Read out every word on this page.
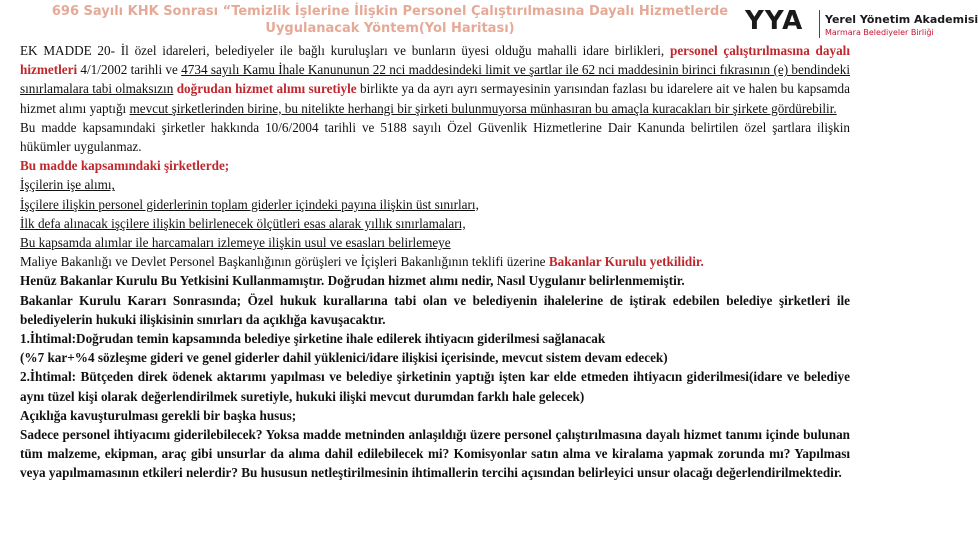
696 Sayılı KHK Sonrası “Temizlik İşlerine İlişkin Personel Çalıştırılmasına Dayalı Hizmetlerde Uygulanacak Yöntem(Yol Haritası)	YYA Yerel Yönetim Akademisi
Marmara Belediyeler Birliği

EK MADDE 20- İl özel idareleri, belediyeler ile bağlı kuruluşları ve bunların üyesi olduğu mahalli idare birlikleri, personel çalıştırılmasına dayalı hizmetleri 4/1/2002 tarihli ve 4734 sayılı Kamu İhale Kanununun 22 nci maddesindeki limit ve şartlar ile 62 nci maddesinin birinci fıkrasının (e) bendindeki sınırlamalara tabi olmaksızın doğrudan hizmet alımı suretiyle birlikte ya da ayrı ayrı sermayesinin yarısından fazlası bu idarelere ait ve halen bu kapsamda hizmet alımı yaptığı mevcut şirketlerinden birine, bu nitelikte herhangi bir şirketi bulunmuyorsa münhasıran bu amaçla kuracakları bir şirkete gördürebilir.

Bu madde kapsamındaki şirketler hakkında 10/6/2004 tarihli ve 5188 sayılı Özel Güvenlik Hizmetlerine Dair Kanunda belirtilen özel şartlara ilişkin hükümler uygulanmaz.

Bu madde kapsamındaki şirketlerde;

İşçilerin işe alımı,

İşçilere ilişkin personel giderlerinin toplam giderler içindeki payına ilişkin üst sınırları,

İlk defa alınacak işçilere ilişkin belirlenecek ölçütleri esas alarak yıllık sınırlamaları,

Bu kapsamda alımlar ile harcamaları izlemeye ilişkin usul ve esasları belirlemeye

Maliye Bakanlığı ve Devlet Personel Başkanlığının görüşleri ve İçişleri Bakanlığının teklifi üzerine Bakanlar Kurulu yetkilidir.

Henüz Bakanlar Kurulu Bu Yetkisini Kullanmamıştır. Doğrudan hizmet alımı nedir, Nasıl Uygulanır belirlenmemiştir.

Bakanlar Kurulu Kararı Sonrasında; Özel hukuk kurallarına tabi olan ve belediyenin ihalelerine de iştirak edebilen belediye şirketleri ile belediyelerin hukuki ilişkisinin sınırları da açıklığa kavuşacaktır.

1.İhtimal:Doğrudan temin kapsamında belediye şirketine ihale edilerek ihtiyacın giderilmesi sağlanacak

(%7 kar+%4 sözleşme gideri ve genel giderler dahil yüklenici/idare ilişkisi içerisinde, mevcut sistem devam edecek)

2.İhtimal: Bütçeden direk ödenek aktarımı yapılması ve belediye şirketinin yaptığı işten kar elde etmeden ihtiyacın giderilmesi(idare ve belediye aynı tüzel kişi olarak değerlendirilmek suretiyle, hukuki ilişki mevcut durumdan farklı hale gelecek)

Açıklığa kavuşturulması gerekli bir başka husus;

Sadece personel ihtiyacımı giderilebilecek? Yoksa madde metninden anlaşıldığı üzere personel çalıştırılmasına dayalı hizmet tanımı içinde bulunan tüm malzeme, ekipman, araç gibi unsurlar da alıma dahil edilebilecek mi? Komisyonlar satın alma ve kiralama yapmak zorunda mı? Yapılması veya yapılmamasının etkileri nelerdir? Bu hususun netleştirilmesinin ihtimallerin tercihi açısından belirleyici unsur olacağı değerlendirilmektedir.
